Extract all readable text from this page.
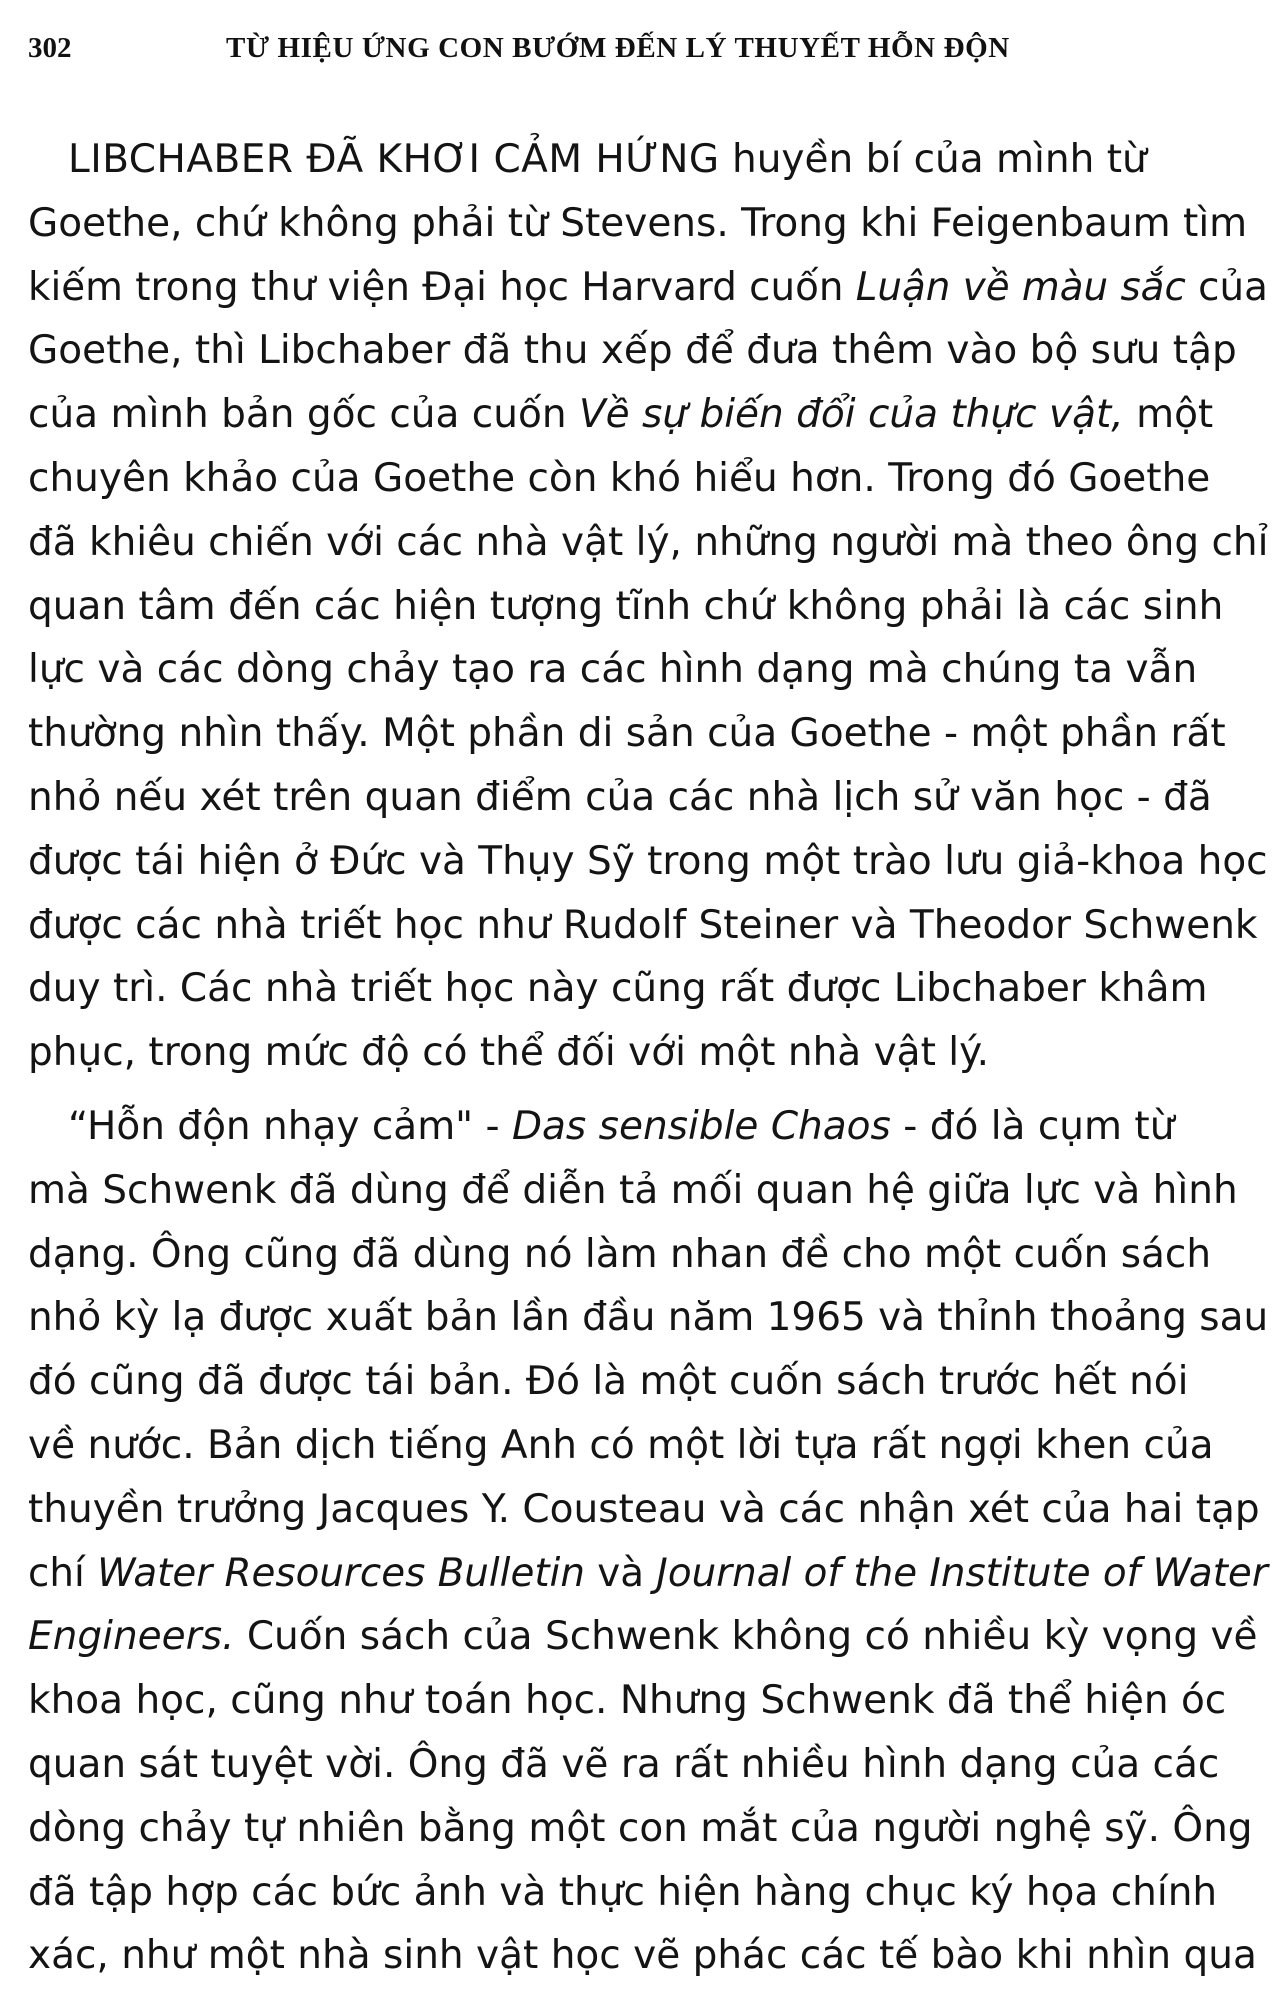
302	TỪ HIỆU ỨNG CON BƯỚM ĐẾN LÝ THUYẾT HỖN ĐỘN
LIBCHABER ĐÃ KHƠI CẢM HỨNG huyền bí của mình từ
Goethe, chứ không phải từ Stevens. Trong khi Feigenbaum tìm
kiếm trong thư viện Đại học Harvard cuốn Luận về màu sắc của
Goethe, thì Libchaber đã thu xếp để đưa thêm vào bộ sưu tập
của mình bản gốc của cuốn Về sự biến đổi của thực vật, một
chuyên khảo của Goethe còn khó hiểu hơn. Trong đó Goethe
đã khiêu chiến với các nhà vật lý, những người mà theo ông chỉ
quan tâm đến các hiện tượng tĩnh chứ không phải là các sinh
lực và các dòng chảy tạo ra các hình dạng mà chúng ta vẫn
thường nhìn thấy. Một phần di sản của Goethe - một phần rất
nhỏ nếu xét trên quan điểm của các nhà lịch sử văn học - đã
được tái hiện ở Đức và Thụy Sỹ trong một trào lưu giả-khoa học
được các nhà triết học như Rudolf Steiner và Theodor Schwenk
duy trì. Các nhà triết học này cũng rất được Libchaber khâm
phục, trong mức độ có thể đối với một nhà vật lý.
“Hỗn độn nhạy cảm" - Das sensible Chaos - đó là cụm từ
mà Schwenk đã dùng để diễn tả mối quan hệ giữa lực và hình
dạng. Ông cũng đã dùng nó làm nhan đề cho một cuốn sách
nhỏ kỳ lạ được xuất bản lần đầu năm 1965 và thỉnh thoảng sau
đó cũng đã được tái bản. Đó là một cuốn sách trước hết nói
về nước. Bản dịch tiếng Anh có một lời tựa rất ngợi khen của
thuyền trưởng Jacques Y. Cousteau và các nhận xét của hai tạp
chí Water Resources Bulletin và Journal of the Institute of Water
Engineers. Cuốn sách của Schwenk không có nhiều kỳ vọng về
khoa học, cũng như toán học. Nhưng Schwenk đã thể hiện óc
quan sát tuyệt vời. Ông đã vẽ ra rất nhiều hình dạng của các
dòng chảy tự nhiên bằng một con mắt của người nghệ sỹ. Ông
đã tập hợp các bức ảnh và thực hiện hàng chục ký họa chính
xác, như một nhà sinh vật học vẽ phác các tế bào khi nhìn qua
